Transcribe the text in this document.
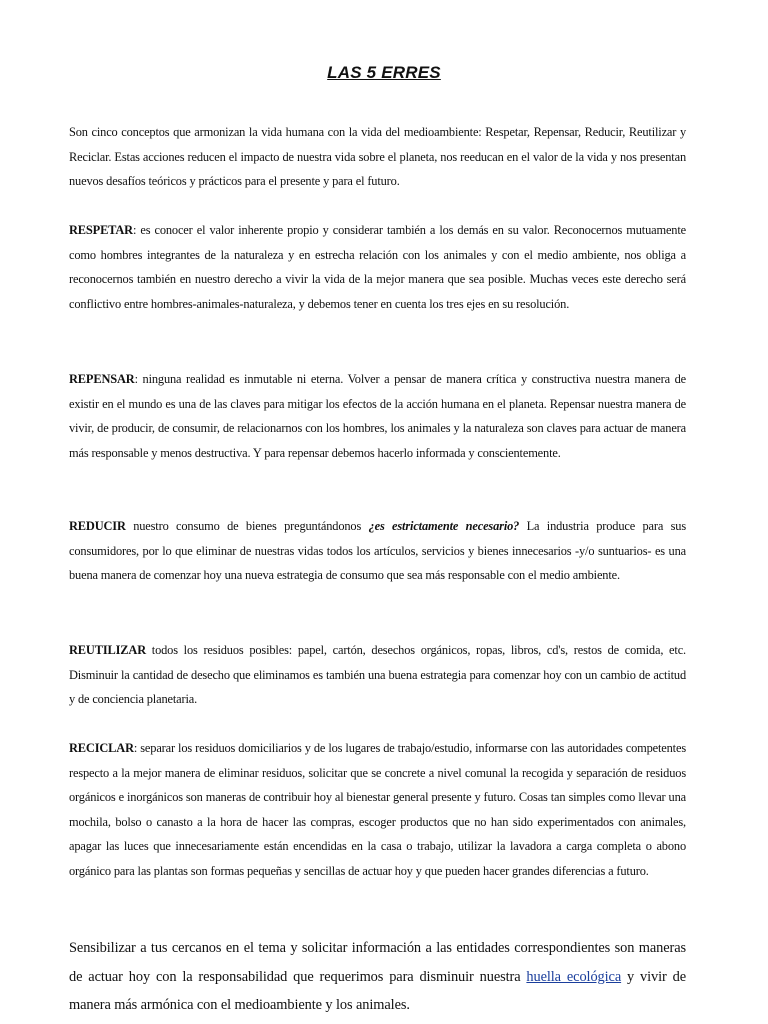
LAS 5 ERRES

Son cinco conceptos que armonizan la vida humana con la vida del medioambiente: Respetar, Repensar, Reducir, Reutilizar y Reciclar. Estas acciones reducen el impacto de nuestra vida sobre el planeta, nos reeducan en el valor de la vida y nos presentan nuevos desafíos teóricos y prácticos para el presente y para el futuro.

RESPETAR: es conocer el valor inherente propio y considerar también a los demás en su valor. Reconocernos mutuamente como hombres integrantes de la naturaleza y en estrecha relación con los animales y con el medio ambiente, nos obliga a reconocernos también en nuestro derecho a vivir la vida de la mejor manera que sea posible. Muchas veces este derecho será conflictivo entre hombres-animales-naturaleza, y debemos tener en cuenta los tres ejes en su resolución.

REPENSAR: ninguna realidad es inmutable ni eterna. Volver a pensar de manera crítica y constructiva nuestra manera de existir en el mundo es una de las claves para mitigar los efectos de la acción humana en el planeta. Repensar nuestra manera de vivir, de producir, de consumir, de relacionarnos con los hombres, los animales y la naturaleza son claves para actuar de manera más responsable y menos destructiva. Y para repensar debemos hacerlo informada y conscientemente.

REDUCIR nuestro consumo de bienes preguntándonos ¿es estrictamente necesario? La industria produce para sus consumidores, por lo que eliminar de nuestras vidas todos los artículos, servicios y bienes innecesarios -y/o suntuarios- es una buena manera de comenzar hoy una nueva estrategia de consumo que sea más responsable con el medio ambiente.

REUTILIZAR todos los residuos posibles: papel, cartón, desechos orgánicos, ropas, libros, cd's, restos de comida, etc. Disminuir la cantidad de desecho que eliminamos es también una buena estrategia para comenzar hoy con un cambio de actitud y de conciencia planetaria.

RECICLAR: separar los residuos domiciliarios y de los lugares de trabajo/estudio, informarse con las autoridades competentes respecto a la mejor manera de eliminar residuos, solicitar que se concrete a nivel comunal la recogida y separación de residuos orgánicos e inorgánicos son maneras de contribuir hoy al bienestar general presente y futuro. Cosas tan simples como llevar una mochila, bolso o canasto a la hora de hacer las compras, escoger productos que no han sido experimentados con animales, apagar las luces que innecesariamente están encendidas en la casa o trabajo, utilizar la lavadora a carga completa o abono orgánico para las plantas son formas pequeñas y sencillas de actuar hoy y que pueden hacer grandes diferencias a futuro.

Sensibilizar a tus cercanos en el tema y solicitar información a las entidades correspondientes son maneras de actuar hoy con la responsabilidad que requerimos para disminuir nuestra huella ecológica y vivir de manera más armónica con el medioambiente y los animales.
